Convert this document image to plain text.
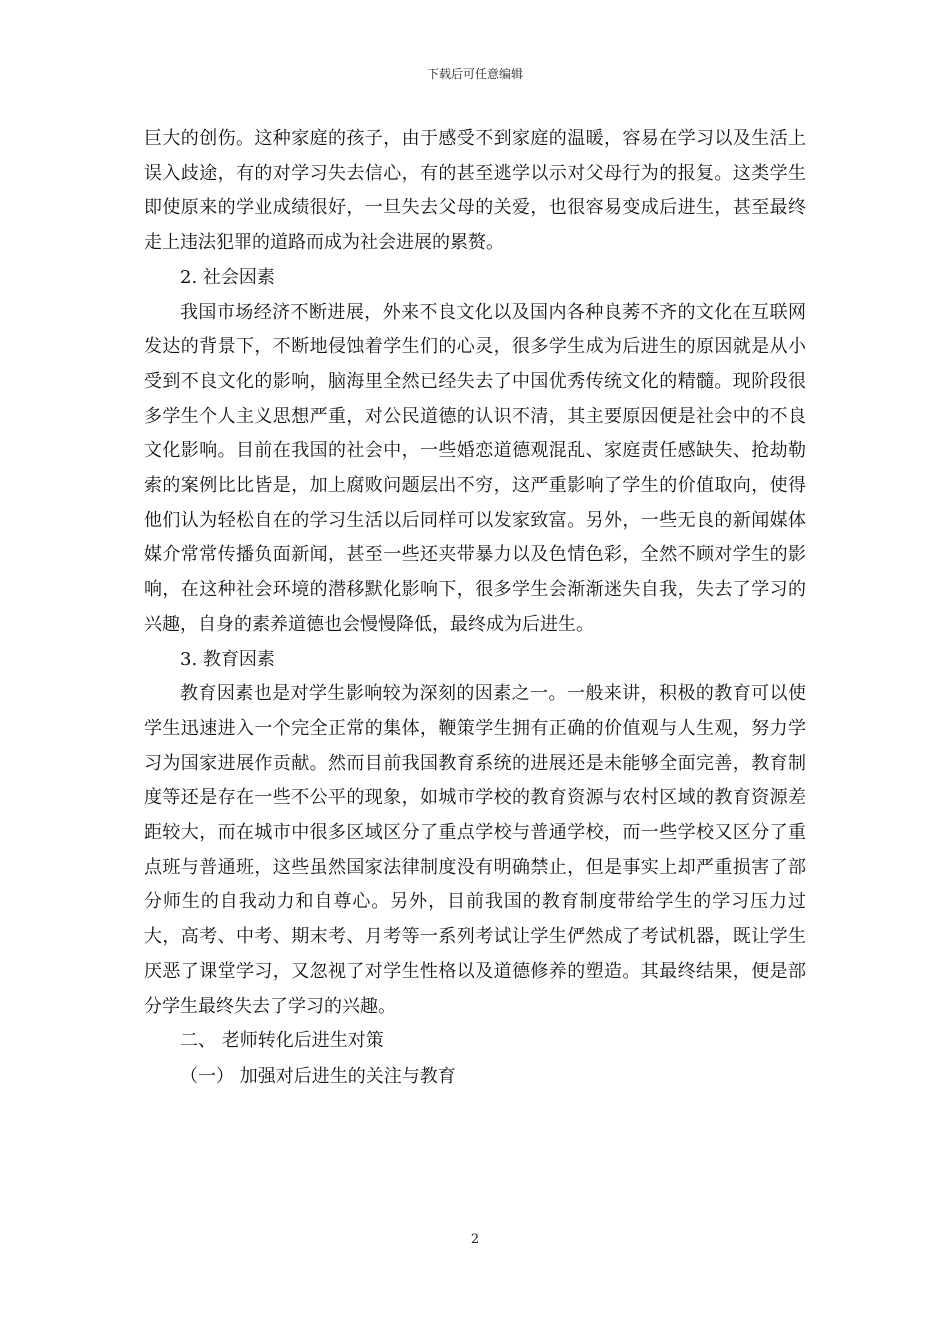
下载后可任意编辑

巨大的创伤。这种家庭的孩子，由于感受不到家庭的温暖，容易在学习以及生活上误入歧途，有的对学习失去信心，有的甚至逃学以示对父母行为的报复。这类学生即使原来的学业成绩很好，一旦失去父母的关爱，也很容易变成后进生，甚至最终走上违法犯罪的道路而成为社会进展的累赘。

2. 社会因素

我国市场经济不断进展，外来不良文化以及国内各种良莠不齐的文化在互联网发达的背景下，不断地侵蚀着学生们的心灵，很多学生成为后进生的原因就是从小受到不良文化的影响，脑海里全然已经失去了中国优秀传统文化的精髓。现阶段很多学生个人主义思想严重，对公民道德的认识不清，其主要原因便是社会中的不良文化影响。目前在我国的社会中，一些婚恋道德观混乱、家庭责任感缺失、抢劫勒索的案例比比皆是，加上腐败问题层出不穷，这严重影响了学生的价值取向，使得他们认为轻松自在的学习生活以后同样可以发家致富。另外，一些无良的新闻媒体媒介常常传播负面新闻，甚至一些还夹带暴力以及色情色彩，全然不顾对学生的影响，在这种社会环境的潜移默化影响下，很多学生会渐渐迷失自我，失去了学习的兴趣，自身的素养道德也会慢慢降低，最终成为后进生。

3. 教育因素

教育因素也是对学生影响较为深刻的因素之一。一般来讲，积极的教育可以使学生迅速进入一个完全正常的集体，鞭策学生拥有正确的价值观与人生观，努力学习为国家进展作贡献。然而目前我国教育系统的进展还是未能够全面完善，教育制度等还是存在一些不公平的现象，如城市学校的教育资源与农村区域的教育资源差距较大，而在城市中很多区域区分了重点学校与普通学校，而一些学校又区分了重点班与普通班，这些虽然国家法律制度没有明确禁止，但是事实上却严重损害了部分师生的自我动力和自尊心。另外，目前我国的教育制度带给学生的学习压力过大，高考、中考、期末考、月考等一系列考试让学生俨然成了考试机器，既让学生厌恶了课堂学习，又忽视了对学生性格以及道德修养的塑造。其最终结果，便是部分学生最终失去了学习的兴趣。

二、 老师转化后进生对策

（一） 加强对后进生的关注与教育

2
